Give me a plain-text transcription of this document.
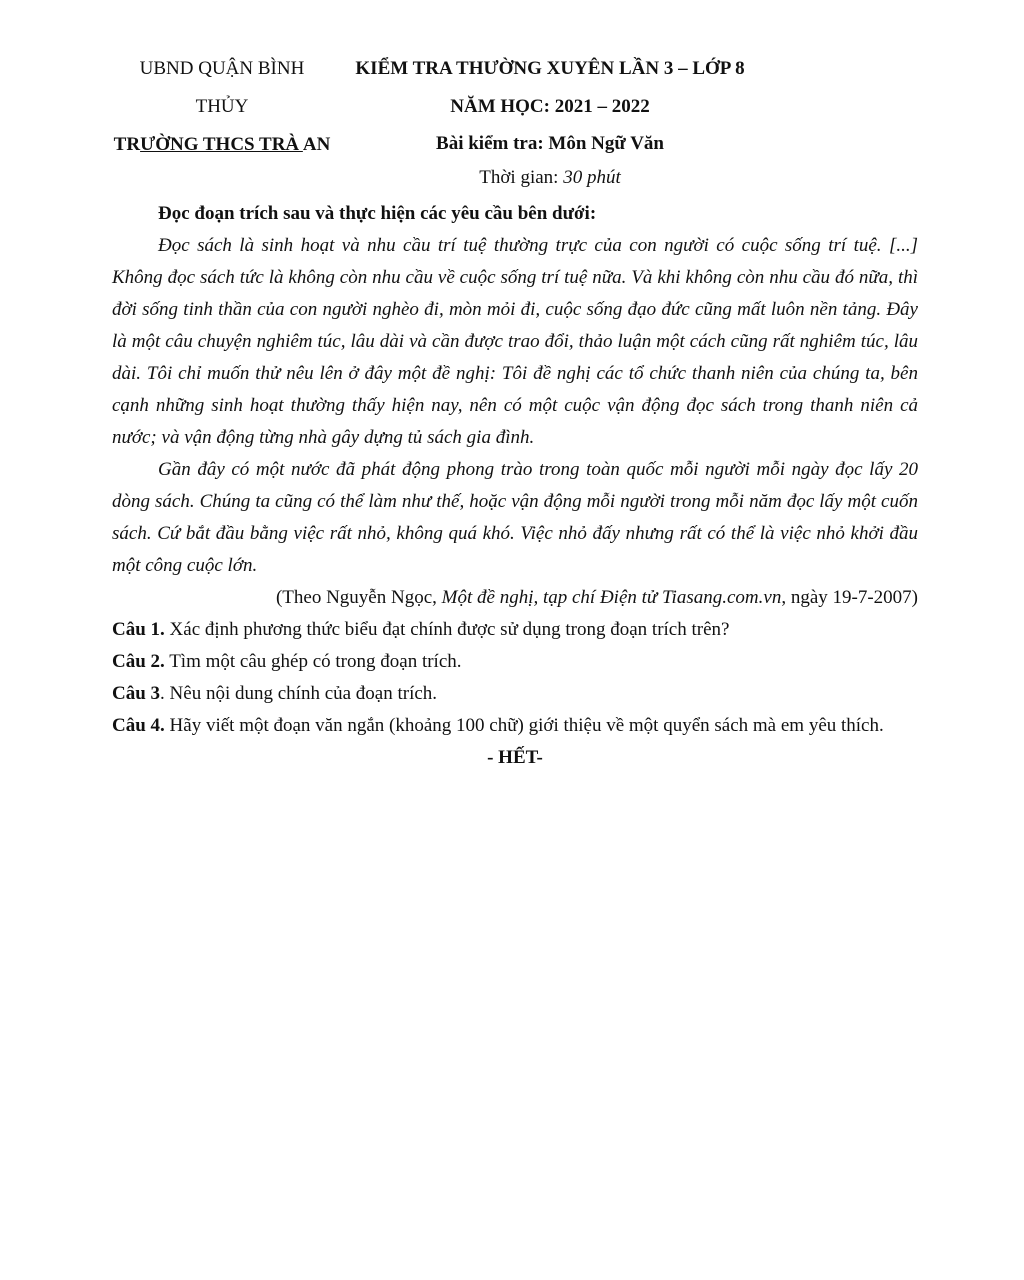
UBND QUẬN BÌNH THỦY
TRƯỜNG THCS TRÀ AN
KIỂM TRA THƯỜNG XUYÊN LẦN 3 – LỚP 8
NĂM HỌC: 2021 – 2022
Bài kiểm tra: Môn Ngữ Văn
Thời gian: 30 phút

Đọc đoạn trích sau và thực hiện các yêu cầu bên dưới:

Đọc sách là sinh hoạt và nhu cầu trí tuệ thường trực của con người có cuộc sống trí tuệ. [...] Không đọc sách tức là không còn nhu cầu về cuộc sống trí tuệ nữa. Và khi không còn nhu cầu đó nữa, thì đời sống tinh thần của con người nghèo đi, mòn mỏi đi, cuộc sống đạo đức cũng mất luôn nền tảng. Đây là một câu chuyện nghiêm túc, lâu dài và cần được trao đổi, thảo luận một cách cũng rất nghiêm túc, lâu dài. Tôi chỉ muốn thử nêu lên ở đây một đề nghị: Tôi đề nghị các tổ chức thanh niên của chúng ta, bên cạnh những sinh hoạt thường thấy hiện nay, nên có một cuộc vận động đọc sách trong thanh niên cả nước; và vận động từng nhà gây dựng tủ sách gia đình.

Gần đây có một nước đã phát động phong trào trong toàn quốc mỗi người mỗi ngày đọc lấy 20 dòng sách. Chúng ta cũng có thể làm như thế, hoặc vận động mỗi người trong mỗi năm đọc lấy một cuốn sách. Cứ bắt đầu bằng việc rất nhỏ, không quá khó. Việc nhỏ đấy nhưng rất có thể là việc nhỏ khởi đầu một công cuộc lớn.

(Theo Nguyễn Ngọc, Một đề nghị, tạp chí Điện tử Tiasang.com.vn, ngày 19-7-2007)

Câu 1. Xác định phương thức biểu đạt chính được sử dụng trong đoạn trích trên?

Câu 2. Tìm một câu ghép có trong đoạn trích.

Câu 3. Nêu nội dung chính của đoạn trích.

Câu 4. Hãy viết một đoạn văn ngắn (khoảng 100 chữ) giới thiệu về một quyển sách mà em yêu thích.

- HẾT-
